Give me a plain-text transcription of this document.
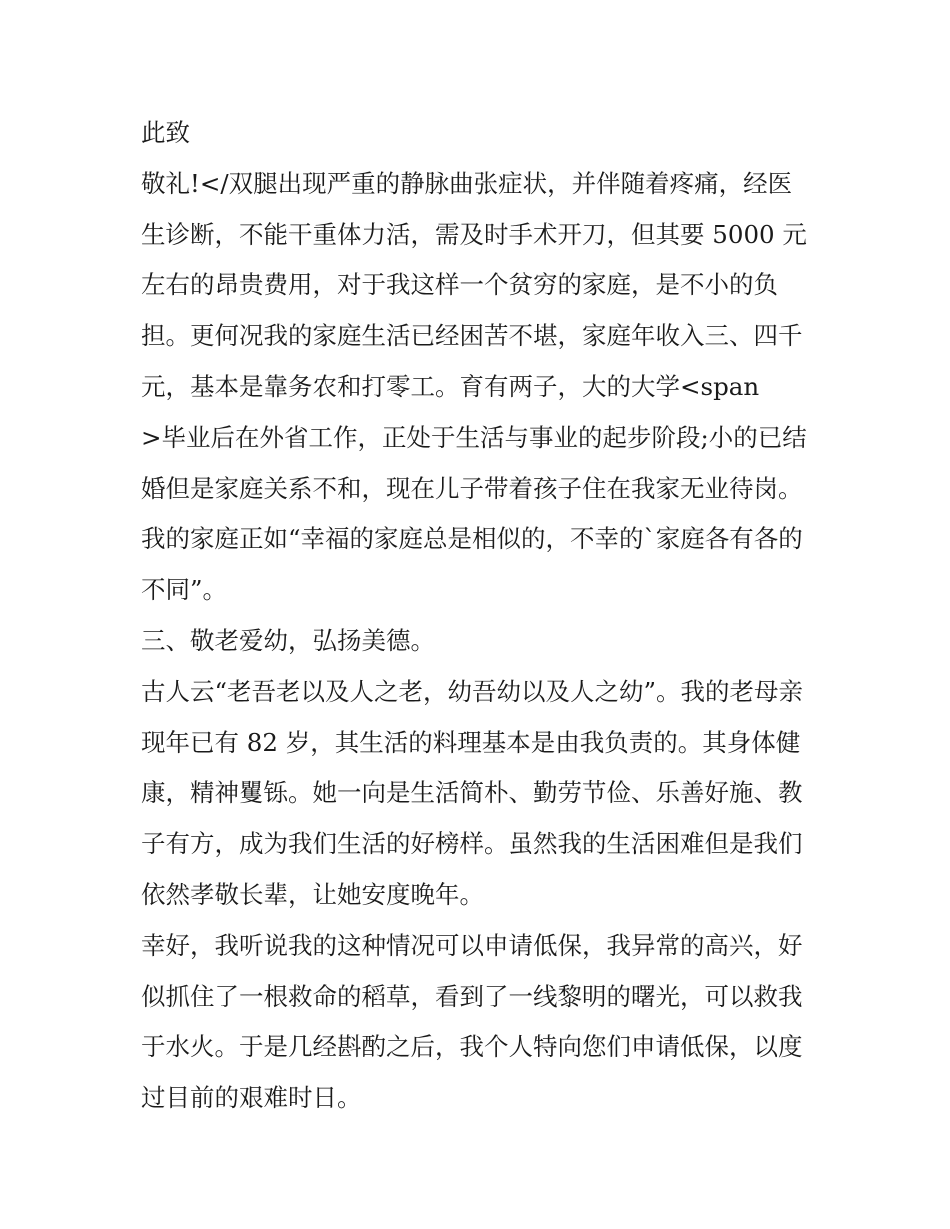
此致
敬礼!</双腿出现严重的静脉曲张症状，并伴随着疼痛，经医
生诊断，不能干重体力活，需及时手术开刀，但其要 5000 元
左右的昂贵费用，对于我这样一个贫穷的家庭，是不小的负
担。更何况我的家庭生活已经困苦不堪，家庭年收入三、四千
元，基本是靠务农和打零工。育有两子，大的大学<span
>毕业后在外省工作，正处于生活与事业的起步阶段;小的已结
婚但是家庭关系不和，现在儿子带着孩子住在我家无业待岗。
我的家庭正如“幸福的家庭总是相似的，不幸的`家庭各有各的
不同”。
三、敬老爱幼，弘扬美德。
古人云“老吾老以及人之老，幼吾幼以及人之幼”。我的老母亲
现年已有 82 岁，其生活的料理基本是由我负责的。其身体健
康，精神矍铄。她一向是生活简朴、勤劳节俭、乐善好施、教
子有方，成为我们生活的好榜样。虽然我的生活困难但是我们
依然孝敬长辈，让她安度晚年。
幸好，我听说我的这种情况可以申请低保，我异常的高兴，好
似抓住了一根救命的稻草，看到了一线黎明的曙光，可以救我
于水火。于是几经斟酌之后，我个人特向您们申请低保，以度
过目前的艰难时日。
